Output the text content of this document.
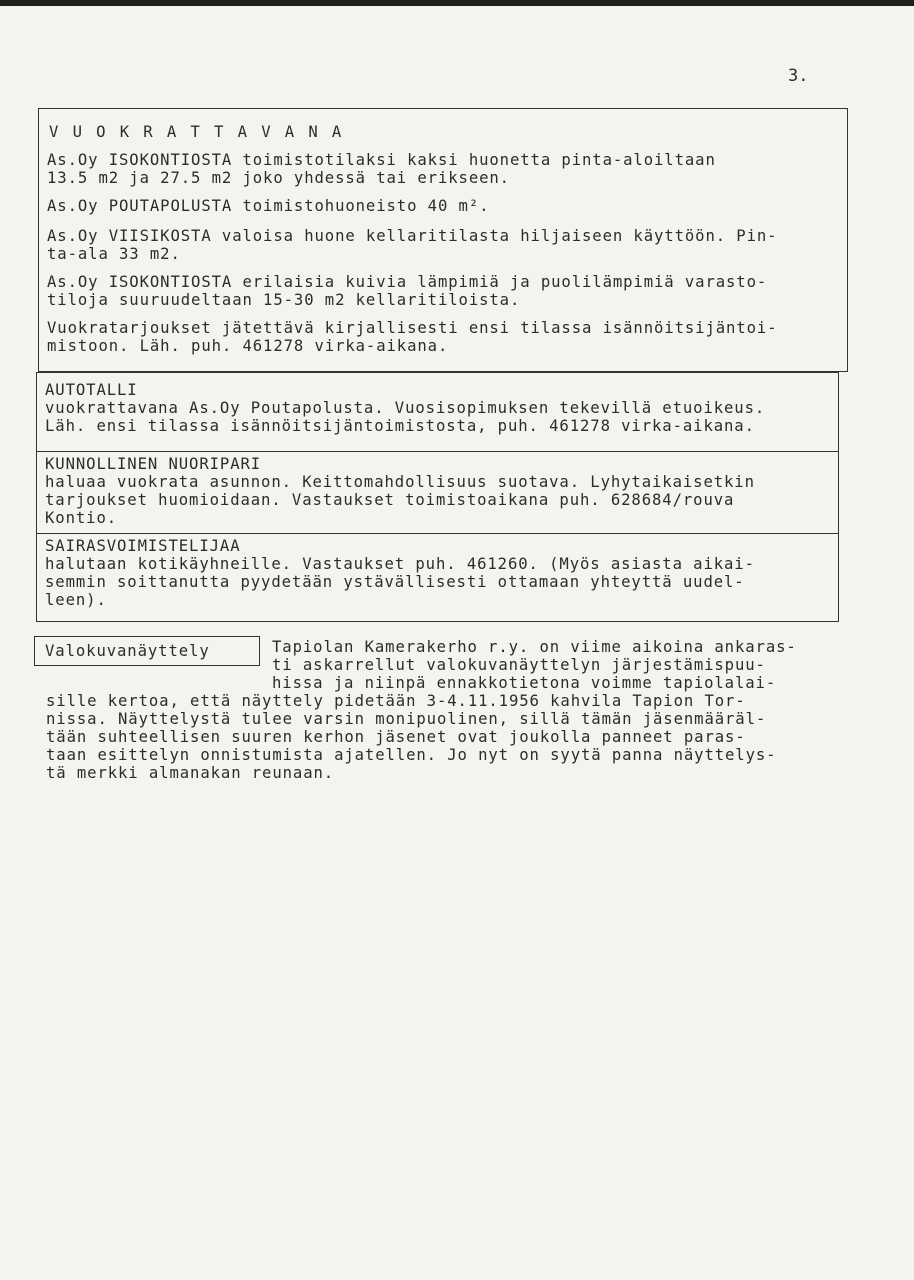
3.
V U O K R A T T A V A N A
As.Oy ISOKONTIOSTA toimistotilaksi kaksi huonetta pinta-aloiltaan
13.5 m2 ja 27.5 m2 joko yhdessä tai erikseen.
As.Oy POUTAPOLUSTA toimistohuoneisto 40 m².
As.Oy VIISIKOSTA valoisa huone kellaritilasta hiljaiseen käyttöön. Pin-
ta-ala 33 m2.
As.Oy ISOKONTIOSTA erilaisia kuivia lämpimiä ja puolilämpimiä varasto-
tiloja suuruudeltaan 15-30 m2 kellaritiloista.
Vuokratarjoukset jätettävä kirjallisesti ensi tilassa isännöitsijäntoi-
mistoon. Läh. puh. 461278 virka-aikana.
AUTOTALLI
vuokrattavana As.Oy Poutapolusta. Vuosisopimuksen tekevillä etuoikeus.
Läh. ensi tilassa isännöitsijäntoimistosta, puh. 461278 virka-aikana.
KUNNOLLINEN NUORIPARI
haluaa vuokrata asunnon. Keittomahdollisuus suotava. Lyhytaikaisetkin
tarjoukset huomioidaan. Vastaukset toimistoaikana puh. 628684/rouva
Kontio.
SAIRASVOIMISTELIJAA
halutaan kotikäyhneille. Vastaukset puh. 461260. (Myös asiasta aikai-
semmin soittanutta pyydetään ystävällisesti ottamaan yhteyttä uudel-
leen).
Valokuvanäyttely	Tapiolan Kamerakerho r.y. on viime aikoina ankaras-
ti askarrellut valokuvanäyttelyn järjestämispuu-
hissa ja niinpä ennakkotietona voimme tapiolalai-
sille kertoa, että näyttely pidetään 3-4.11.1956 kahvila Tapion Tor-
nissa. Näyttelystä tulee varsin monipuolinen, sillä tämän jäsenmääräl-
tään suhteellisen suuren kerhon jäsenet ovat joukolla panneet paras-
taan esittelyn onnistumista ajatellen. Jo nyt on syytä panna näyttelys-
tä merkki almanakan reunaan.
